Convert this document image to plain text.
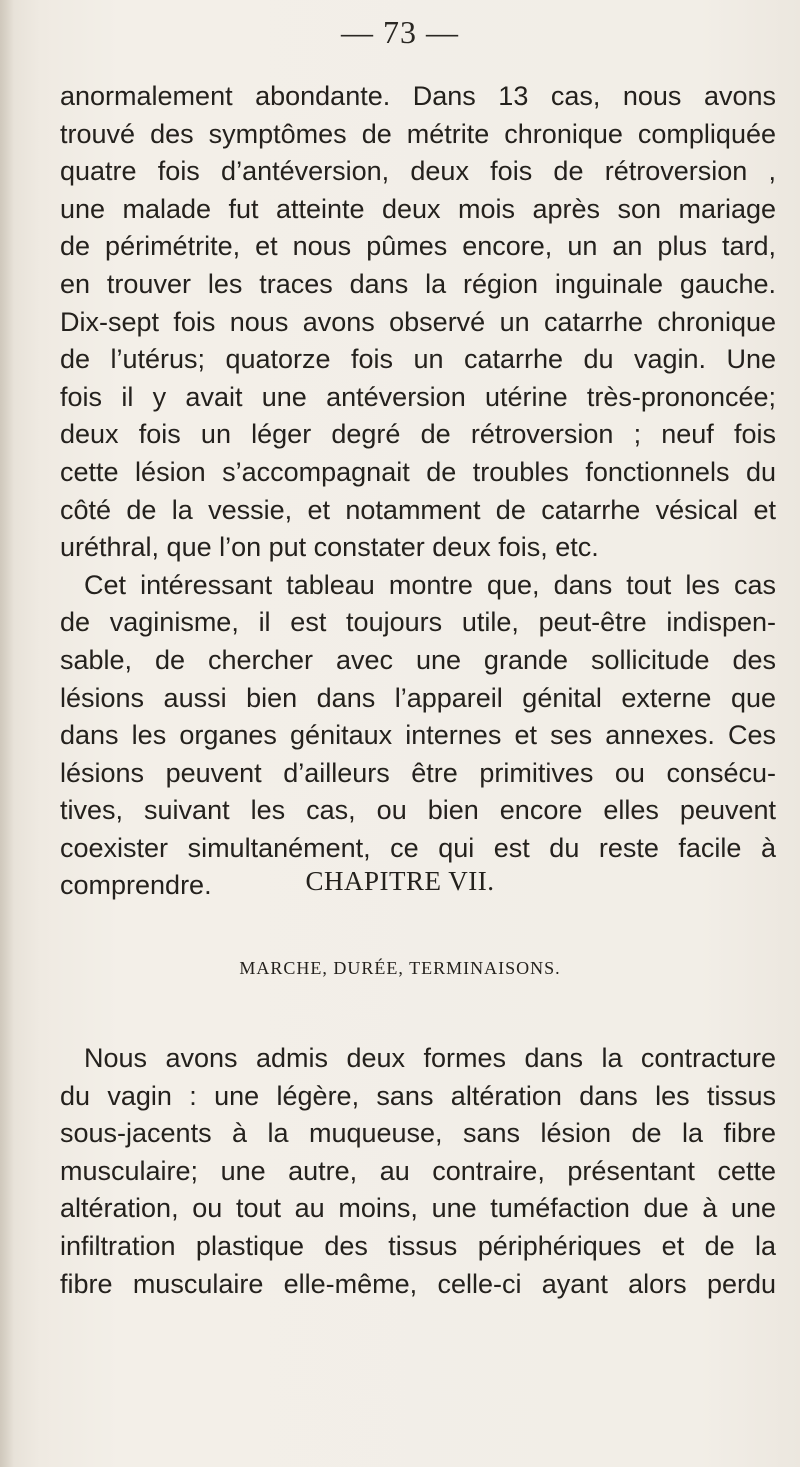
— 73 —
anormalement abondante. Dans 13 cas, nous avons
trouvé des symptômes de métrite chronique compliquée
quatre fois d’antéversion, deux fois de rétroversion ,
une malade fut atteinte deux mois après son mariage
de périmétrite, et nous pûmes encore, un an plus tard,
en trouver les traces dans la région inguinale gauche.
Dix-sept fois nous avons observé un catarrhe chronique
de l’utérus; quatorze fois un catarrhe du vagin. Une
fois il y avait une antéversion utérine très-prononcée;
deux fois un léger degré de rétroversion ; neuf fois
cette lésion s’accompagnait de troubles fonctionnels du
côté de la vessie, et notamment de catarrhe vésical et
uréthral, que l’on put constater deux fois, etc.
Cet intéressant tableau montre que, dans tout les cas
de vaginisme, il est toujours utile, peut-être indispen-
sable, de chercher avec une grande sollicitude des
lésions aussi bien dans l’appareil génital externe que
dans les organes génitaux internes et ses annexes. Ces
lésions peuvent d’ailleurs être primitives ou consécu-
tives, suivant les cas, ou bien encore elles peuvent
coexister simultanément, ce qui est du reste facile à
comprendre.	CHAPITRE VII.
MARCHE, DURÉE, TERMINAISONS.
Nous avons admis deux formes dans la contracture
du vagin : une légère, sans altération dans les tissus
sous-jacents à la muqueuse, sans lésion de la fibre
musculaire; une autre, au contraire, présentant cette
altération, ou tout au moins, une tuméfaction due à une
infiltration plastique des tissus périphériques et de la
fibre musculaire elle-même, celle-ci ayant alors perdu
